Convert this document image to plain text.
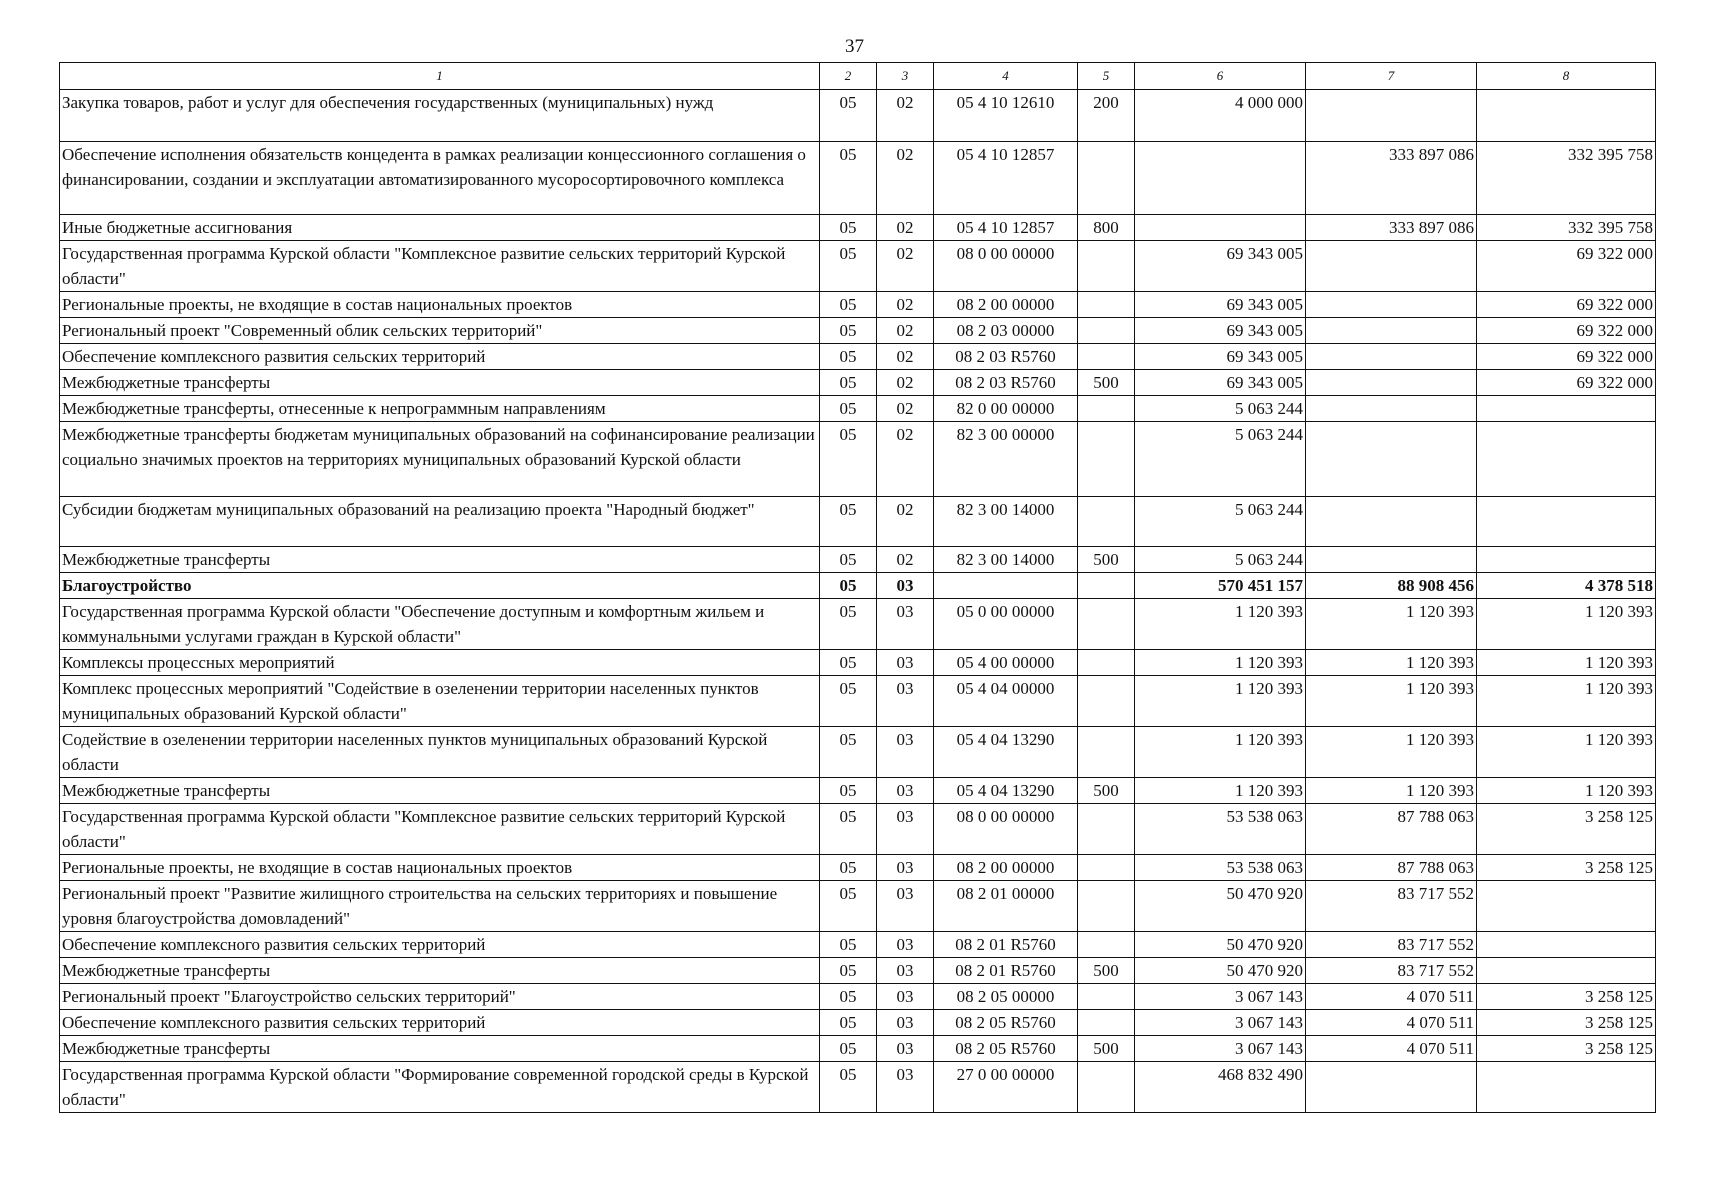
37
1	2	3	4	5	6	7	8
Закупка товаров, работ и услуг для обеспечения государственных (муниципальных) нужд	05	02	05 4 10 12610	200	4 000 000		
Обеспечение исполнения обязательств концедента в рамках реализации концессионного соглашения о финансировании, создании и эксплуатации автоматизированного мусоросортировочного комплекса	05	02	05 4 10 12857			333 897 086	332 395 758
Иные бюджетные ассигнования	05	02	05 4 10 12857	800		333 897 086	332 395 758
Государственная программа Курской области "Комплексное развитие сельских территорий Курской области"	05	02	08 0 00 00000		69 343 005		69 322 000
Региональные проекты, не входящие в состав национальных проектов	05	02	08 2 00 00000		69 343 005		69 322 000
Региональный проект "Современный облик сельских территорий"	05	02	08 2 03 00000		69 343 005		69 322 000
Обеспечение комплексного развития сельских территорий	05	02	08 2 03 R5760		69 343 005		69 322 000
Межбюджетные трансферты	05	02	08 2 03 R5760	500	69 343 005		69 322 000
Межбюджетные трансферты, отнесенные к непрограммным направлениям	05	02	82 0 00 00000		5 063 244		
Межбюджетные трансферты бюджетам муниципальных образований на софинансирование реализации социально значимых проектов на территориях муниципальных образований Курской области	05	02	82 3 00 00000		5 063 244		
Субсидии бюджетам муниципальных образований на реализацию проекта "Народный бюджет"	05	02	82 3 00 14000		5 063 244		
Межбюджетные трансферты	05	02	82 3 00 14000	500	5 063 244		
Благоустройство	05	03			570 451 157	88 908 456	4 378 518
Государственная программа Курской области "Обеспечение доступным и комфортным жильем и коммунальными услугами граждан в Курской области"	05	03	05 0 00 00000		1 120 393	1 120 393	1 120 393
Комплексы процессных мероприятий	05	03	05 4 00 00000		1 120 393	1 120 393	1 120 393
Комплекс процессных мероприятий "Содействие в озеленении территории населенных пунктов муниципальных образований Курской области"	05	03	05 4 04 00000		1 120 393	1 120 393	1 120 393
Содействие в озеленении территории населенных пунктов муниципальных образований Курской области	05	03	05 4 04 13290		1 120 393	1 120 393	1 120 393
Межбюджетные трансферты	05	03	05 4 04 13290	500	1 120 393	1 120 393	1 120 393
Государственная программа Курской области "Комплексное развитие сельских территорий Курской области"	05	03	08 0 00 00000		53 538 063	87 788 063	3 258 125
Региональные проекты, не входящие в состав национальных проектов	05	03	08 2 00 00000		53 538 063	87 788 063	3 258 125
Региональный проект "Развитие жилищного строительства на сельских территориях и повышение уровня благоустройства домовладений"	05	03	08 2 01 00000		50 470 920	83 717 552	
Обеспечение комплексного развития сельских территорий	05	03	08 2 01 R5760		50 470 920	83 717 552	
Межбюджетные трансферты	05	03	08 2 01 R5760	500	50 470 920	83 717 552	
Региональный проект "Благоустройство сельских территорий"	05	03	08 2 05 00000		3 067 143	4 070 511	3 258 125
Обеспечение комплексного развития сельских территорий	05	03	08 2 05 R5760		3 067 143	4 070 511	3 258 125
Межбюджетные трансферты	05	03	08 2 05 R5760	500	3 067 143	4 070 511	3 258 125
Государственная программа Курской области "Формирование современной городской среды в Курской области"	05	03	27 0 00 00000		468 832 490		
